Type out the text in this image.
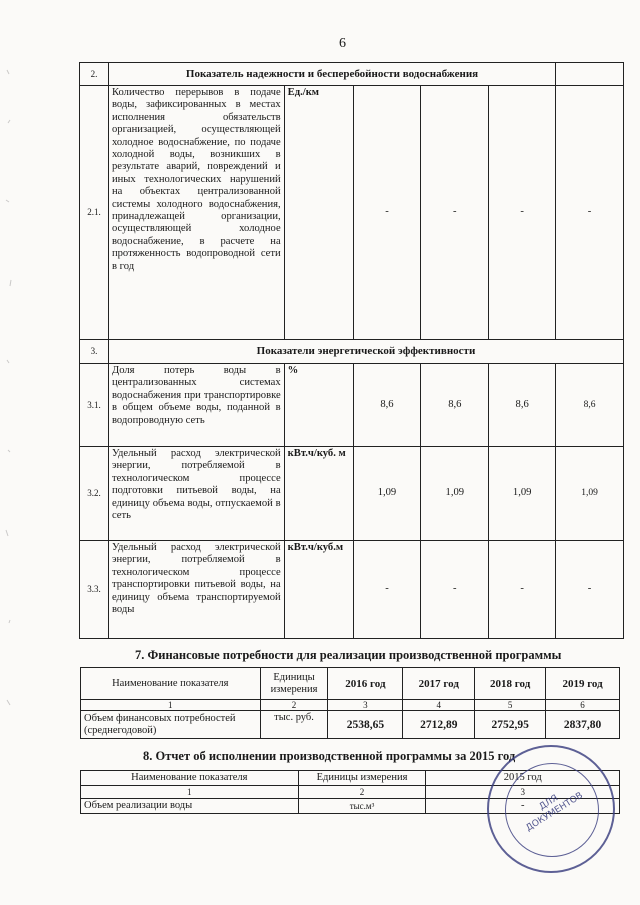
6
2.	Показатель надежности и бесперебойности водоснабжения					
2.1.	Количество перерывов в подаче воды, зафиксированных в местах исполнения обязательств организацией, осуществляющей холодное водоснабжение, по подаче холодной воды, возникших в результате аварий, повреждений и иных технологических нарушений на объектах централизованной системы холодного водоснабжения, принадлежащей организации, осуществляющей холодное водоснабжение, в расчете на протяженность водопроводной сети в год	Ед./км	-	-	-	-
3.	Показатели энергетической эффективности					
3.1.	Доля потерь воды в централизованных системах водоснабжения при транспортировке в общем объеме воды, поданной в водопроводную сеть	%	8,6	8,6	8,6	8,6
3.2.	Удельный расход электрической энергии, потребляемой в технологическом процессе подготовки питьевой воды, на единицу объема воды, отпускаемой в сеть	кВт.ч/куб. м	1,09	1,09	1,09	1,09
3.3.	Удельный расход электрической энергии, потребляемой в технологическом процессе транспортировки питьевой воды, на единицу объема транспортируемой воды	кВт.ч/куб.м	-	-	-	-
7. Финансовые потребности для реализации производственной программы
Наименование показателя	Единицы измерения	2016 год	2017 год	2018 год	2019 год
1	2	3	4	5	6
Объем финансовых потребностей (среднегодовой)	тыс. руб.	2538,65	2712,89	2752,95	2837,80
8. Отчет об исполнении производственной программы за 2015 год
Наименование показателя	Единицы измерения	2015 год
1	2	3
Объем реализации воды	тыс.м³	-	ДЛЯ ДОКУМЕНТОВ
